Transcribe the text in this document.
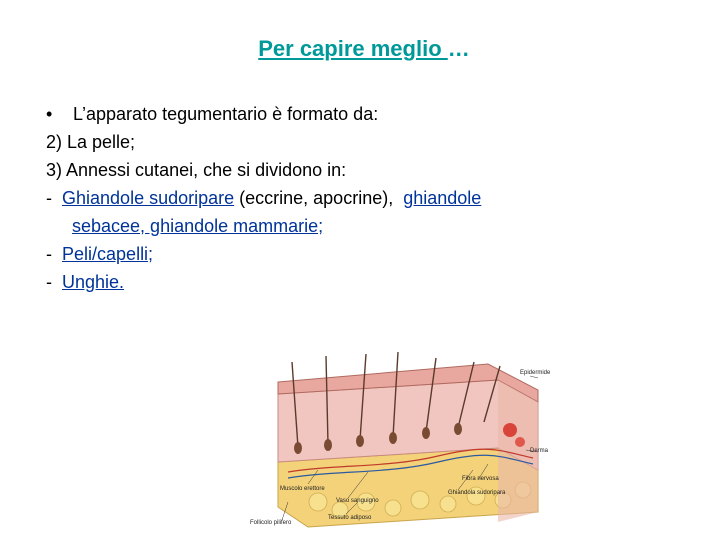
Per capire meglio …
• L’apparato tegumentario è formato da:
2) La pelle;
3) Annessi cutanei, che si dividono in:
- Ghiandole sudoripare (eccrine, apocrine), ghiandole
sebacee, ghiandole mammarie;
- Peli/capelli;
- Unghie.
Epidermide
Derma
Fibra nervosa
Ghiandola sudoripara
Muscolo erettore
Vaso sanguigno
Tessuto adiposo
Follicolo pilifero
